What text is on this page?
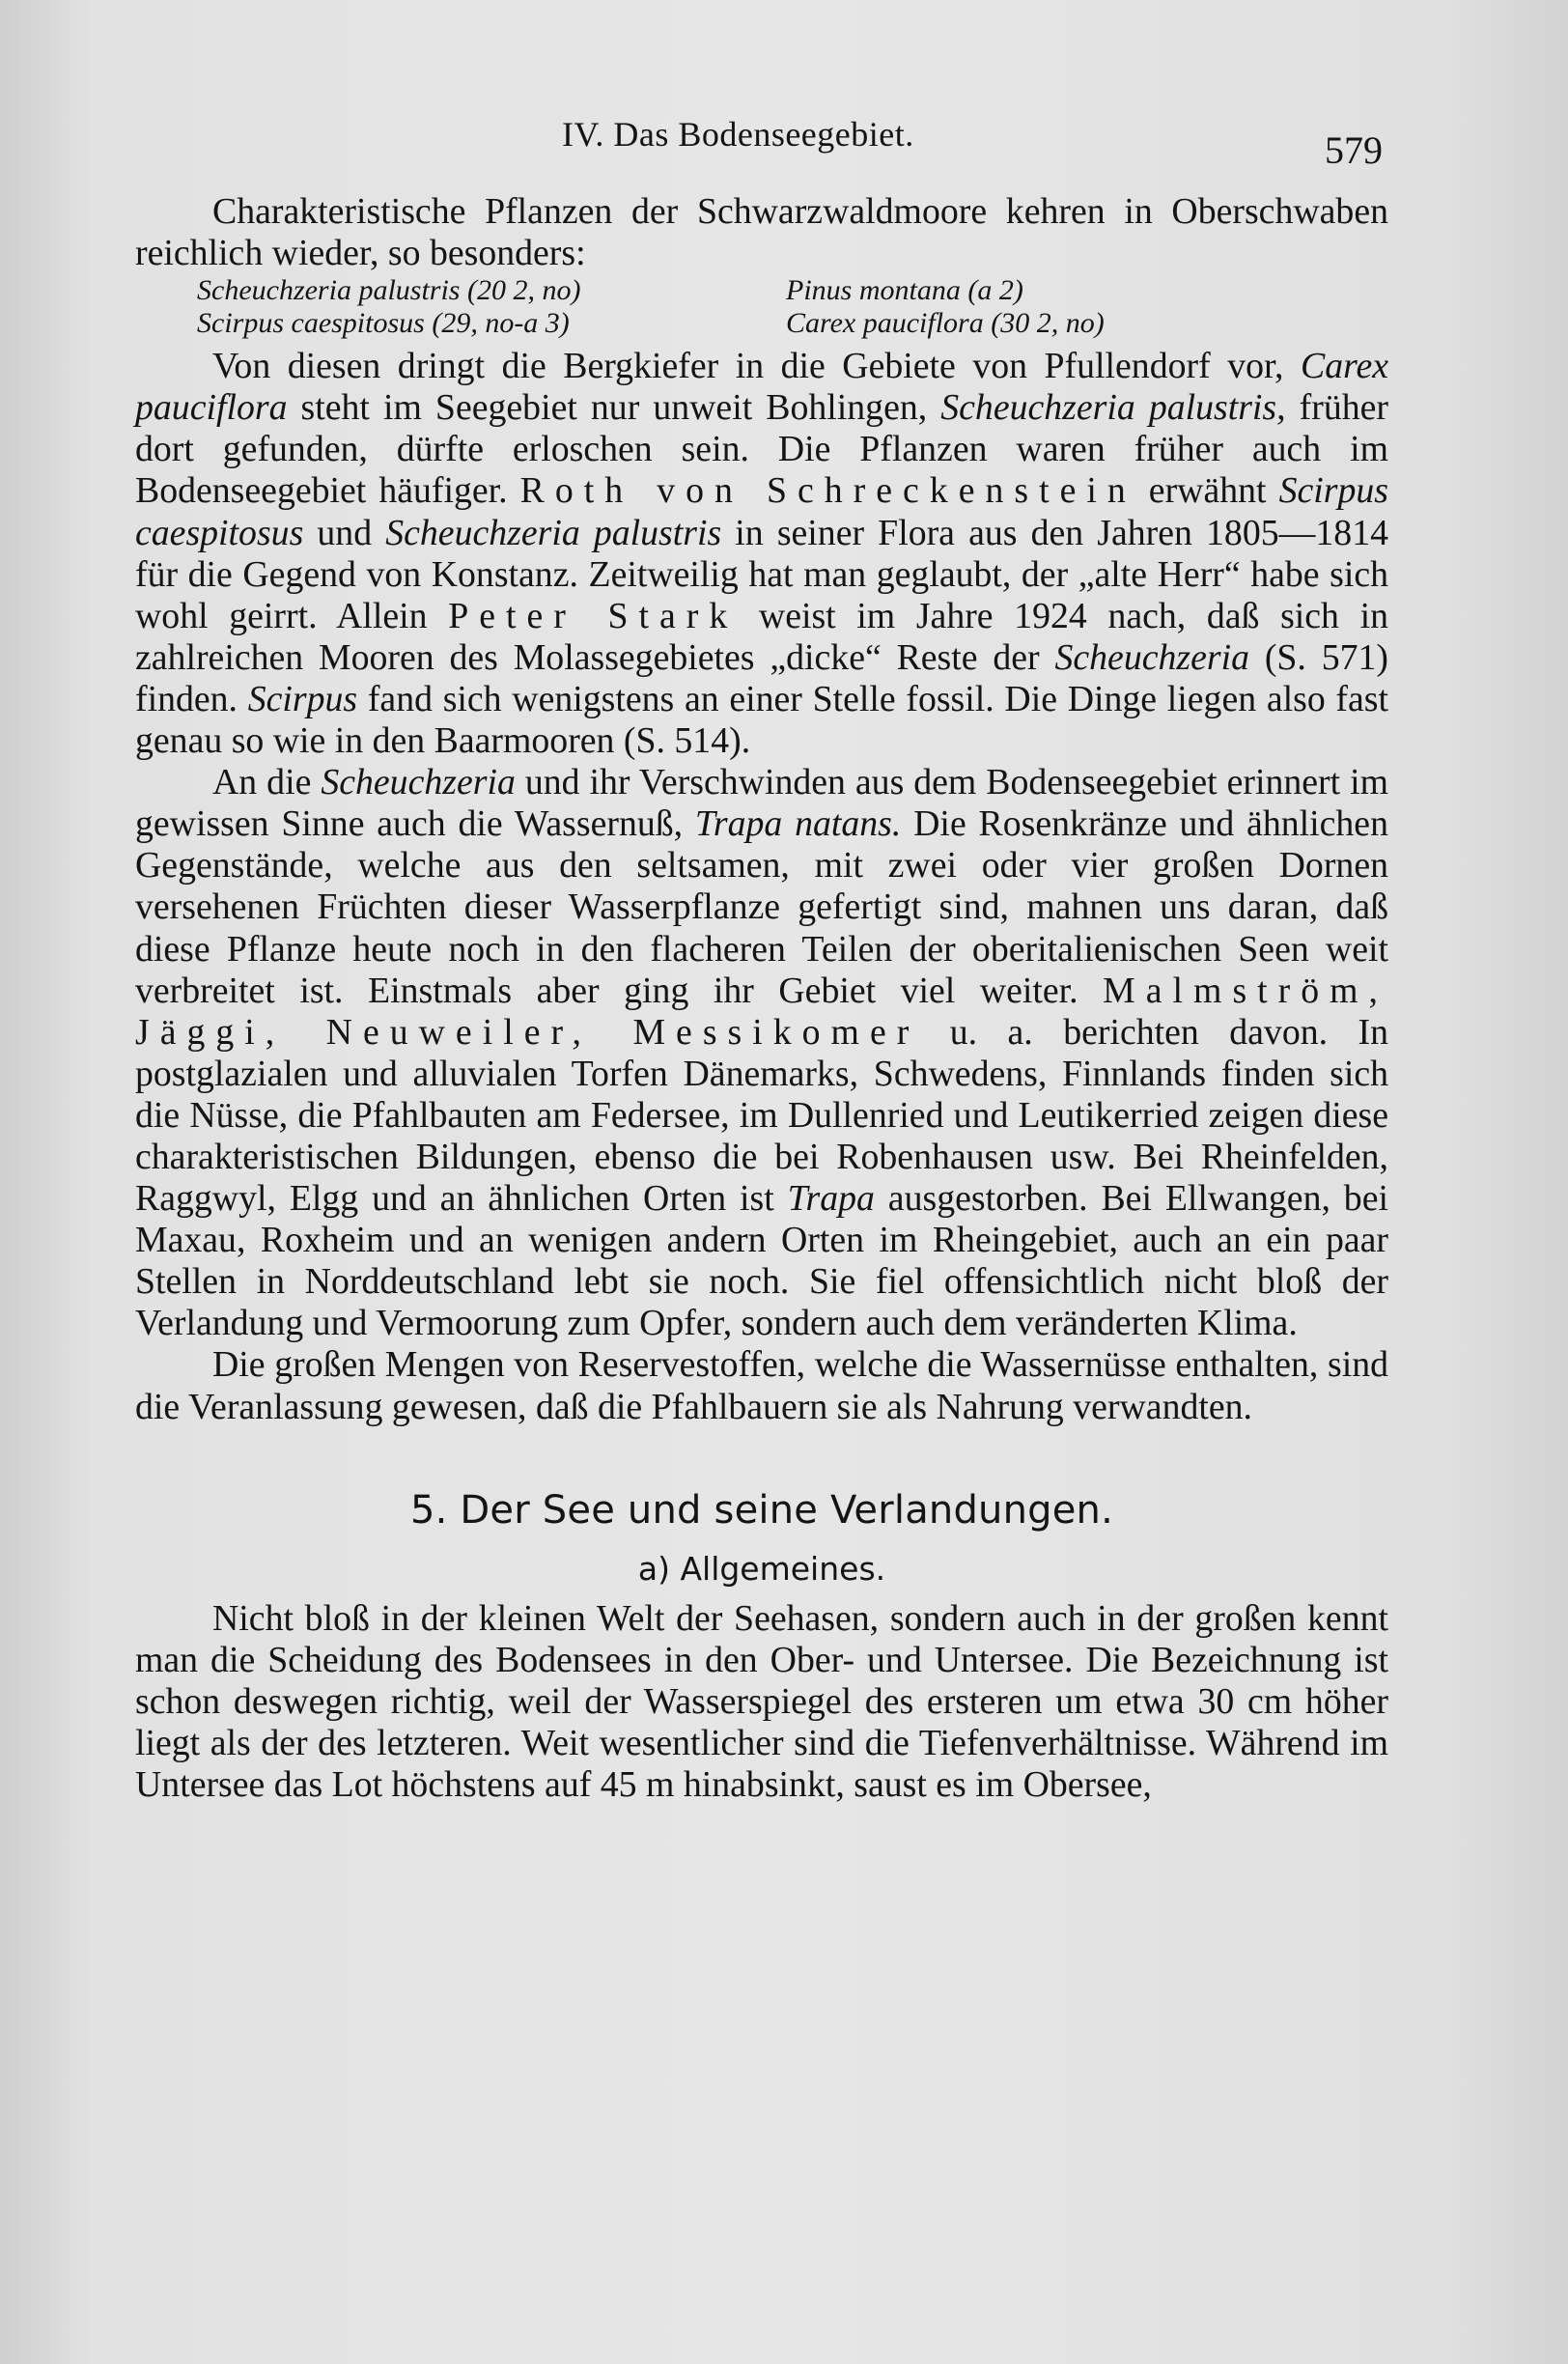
IV. Das Bodenseegebiet.	579

Charakteristische Pflanzen der Schwarzwaldmoore kehren in Oberschwaben reichlich wieder, so besonders:

Scheuchzeria palustris (20 2, no)	Pinus montana (a 2)
Scirpus caespitosus (29, no-a 3)	Carex pauciflora (30 2, no)

Von diesen dringt die Bergkiefer in die Gebiete von Pfullendorf vor, Carex pauciflora steht im Seegebiet nur unweit Bohlingen, Scheuchzeria palustris, früher dort gefunden, dürfte erloschen sein. Die Pflanzen waren früher auch im Bodenseegebiet häufiger. Roth von Schreckenstein erwähnt Scirpus caespitosus und Scheuchzeria palustris in seiner Flora aus den Jahren 1805—1814 für die Gegend von Konstanz. Zeitweilig hat man geglaubt, der „alte Herr“ habe sich wohl geirrt. Allein Peter Stark weist im Jahre 1924 nach, daß sich in zahlreichen Mooren des Molassegebietes „dicke“ Reste der Scheuchzeria (S. 571) finden. Scirpus fand sich wenigstens an einer Stelle fossil. Die Dinge liegen also fast genau so wie in den Baarmooren (S. 514).

An die Scheuchzeria und ihr Verschwinden aus dem Bodenseegebiet erinnert im gewissen Sinne auch die Wassernuß, Trapa natans. Die Rosenkränze und ähnlichen Gegenstände, welche aus den seltsamen, mit zwei oder vier großen Dornen versehenen Früchten dieser Wasserpflanze gefertigt sind, mahnen uns daran, daß diese Pflanze heute noch in den flacheren Teilen der oberitalienischen Seen weit verbreitet ist. Einstmals aber ging ihr Gebiet viel weiter. Malmström, Jäggi, Neuweiler, Messikomer u. a. berichten davon. In postglazialen und alluvialen Torfen Dänemarks, Schwedens, Finnlands finden sich die Nüsse, die Pfahlbauten am Federsee, im Dullenried und Leutikerried zeigen diese charakteristischen Bildungen, ebenso die bei Robenhausen usw. Bei Rheinfelden, Raggwyl, Elgg und an ähnlichen Orten ist Trapa ausgestorben. Bei Ellwangen, bei Maxau, Roxheim und an wenigen andern Orten im Rheingebiet, auch an ein paar Stellen in Norddeutschland lebt sie noch. Sie fiel offensichtlich nicht bloß der Verlandung und Vermoorung zum Opfer, sondern auch dem veränderten Klima.

Die großen Mengen von Reservestoffen, welche die Wassernüsse enthalten, sind die Veranlassung gewesen, daß die Pfahlbauern sie als Nahrung verwandten.

5. Der See und seine Verlandungen.
a) Allgemeines.

Nicht bloß in der kleinen Welt der Seehasen, sondern auch in der großen kennt man die Scheidung des Bodensees in den Ober- und Untersee. Die Bezeichnung ist schon deswegen richtig, weil der Wasserspiegel des ersteren um etwa 30 cm höher liegt als der des letzteren. Weit wesentlicher sind die Tiefenverhältnisse. Während im Untersee das Lot höchstens auf 45 m hinabsinkt, saust es im Obersee,
